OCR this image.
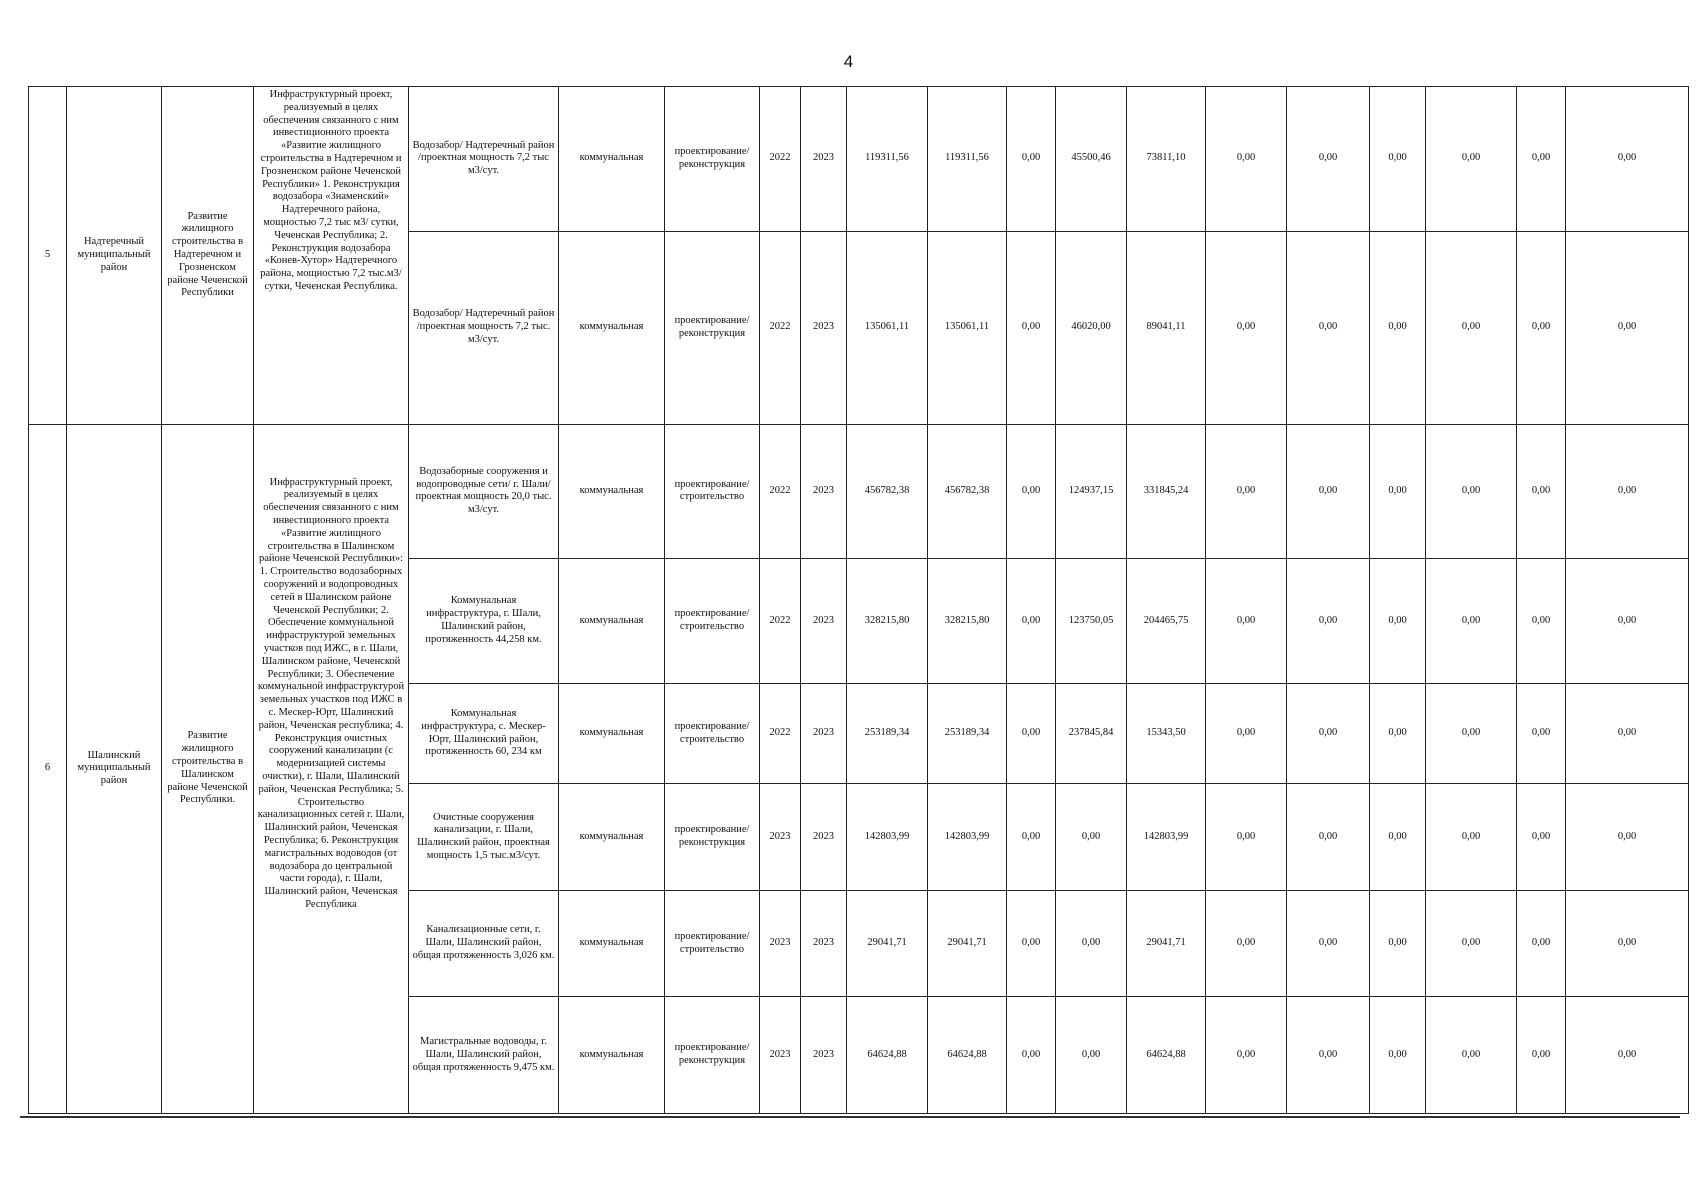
4
5	Надтеречный муниципальный район	Развитие жилищного строительства в Надтеречном и Грозненском районе Чеченской Республики	Инфраструктурный проект, реализуемый в целях обеспечения связанного с ним инвестиционного проекта «Развитие жилищного строительства в Надтеречном и Грозненском районе Чеченской Республики» 1. Реконструкция водозабора «Знаменский» Надтеречного района, мощностью 7,2 тыс м3/ сутки, Чеченская Республика; 2. Реконструкция водозабора «Конев-Хутор» Надтеречного района, мощностью 7,2 тыс.м3/ сутки, Чеченская Республика.	Водозабор/ Надтеречный район /проектная мощность 7,2 тыс м3/сут.	коммунальная	проектирование/реконструкция	2022	2023	119311,56	119311,56	0,00	45500,46	73811,10	0,00	0,00	0,00	0,00	0,00	0,00
				Водозабор/ Надтеречный район /проектная мощность 7,2 тыс. м3/сут.	коммунальная	проектирование/реконструкция	2022	2023	135061,11	135061,11	0,00	46020,00	89041,11	0,00	0,00	0,00	0,00	0,00	0,00
6	Шалинский муниципальный район	Развитие жилищного строительства в Шалинском районе Чеченской Республики.	Инфраструктурный проект, реализуемый в целях обеспечения связанного с ним инвестиционного проекта «Развитие жилищного строительства в Шалинском районе Чеченской Республики»: 1. Строительство водозаборных сооружений и водопроводных сетей в Шалинском районе Чеченской Республики; 2. Обеспечение коммунальной инфраструктурой земельных участков под ИЖС, в г. Шали, Шалинском районе, Чеченской Республики; 3. Обеспечение коммунальной инфраструктурой земельных участков под ИЖС в с. Мескер-Юрт, Шалинский район, Чеченская республика; 4. Реконструкция очистных сооружений канализации (с модернизацией системы очистки), г. Шали, Шалинский район, Чеченская Республика; 5. Строительство канализационных сетей г. Шали, Шалинский район, Чеченская Республика; 6. Реконструкция магистральных водоводов (от водозабора до центральной части города), г. Шали, Шалинский район, Чеченская Республика	Водозаборные сооружения и водопроводные сети/ г. Шали/проектная мощность 20,0 тыс. м3/сут.	коммунальная	проектирование/строительство	2022	2023	456782,38	456782,38	0,00	124937,15	331845,24	0,00	0,00	0,00	0,00	0,00	0,00
				Коммунальная инфраструктура, г. Шали, Шалинский район, протяженность 44,258 км.	коммунальная	проектирование/строительство	2022	2023	328215,80	328215,80	0,00	123750,05	204465,75	0,00	0,00	0,00	0,00	0,00	0,00
				Коммунальная инфраструктура, с. Мескер-Юрт, Шалинский район, протяженность 60, 234 км	коммунальная	проектирование/строительство	2022	2023	253189,34	253189,34	0,00	237845,84	15343,50	0,00	0,00	0,00	0,00	0,00	0,00
				Очистные сооружения канализации, г. Шали, Шалинский район, проектная мощность 1,5 тыс.м3/сут.	коммунальная	проектирование/реконструкция	2023	2023	142803,99	142803,99	0,00	0,00	142803,99	0,00	0,00	0,00	0,00	0,00	0,00
				Канализационные сети, г. Шали, Шалинский район, общая протяженность 3,026 км.	коммунальная	проектирование/строительство	2023	2023	29041,71	29041,71	0,00	0,00	29041,71	0,00	0,00	0,00	0,00	0,00	0,00
				Магистральные водоводы, г. Шали, Шалинский район, общая протяженность 9,475 км.	коммунальная	проектирование/реконструкция	2023	2023	64624,88	64624,88	0,00	0,00	64624,88	0,00	0,00	0,00	0,00	0,00	0,00
